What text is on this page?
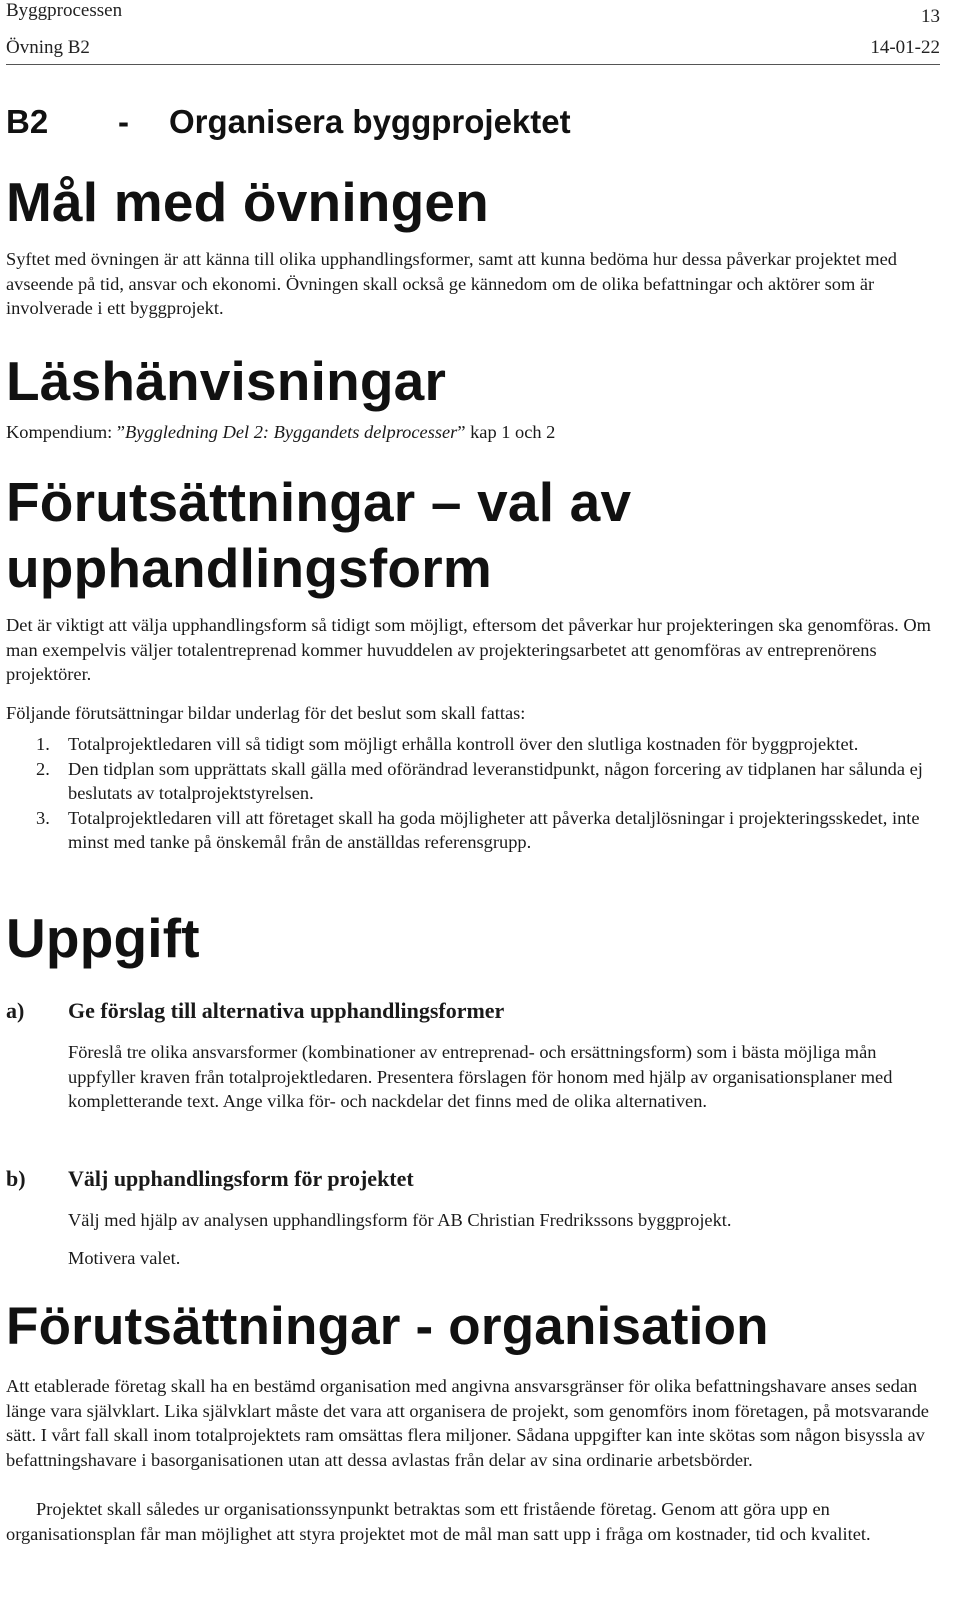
Byggprocessen	13
Övning B2	14-01-22
B2 - Organisera byggprojektet
Mål med övningen
Syftet med övningen är att känna till olika upphandlingsformer, samt att kunna bedöma hur dessa påverkar projektet med avseende på tid, ansvar och ekonomi. Övningen skall också ge kännedom om de olika befattningar och aktörer som är involverade i ett byggprojekt.
Läshänvisningar
Kompendium: ”Byggledning Del 2: Byggandets delprocesser” kap 1 och 2
Förutsättningar – val av
upphandlingsform
Det är viktigt att välja upphandlingsform så tidigt som möjligt, eftersom det påverkar hur projekteringen ska genomföras. Om man exempelvis väljer totalentreprenad kommer huvuddelen av projekteringsarbetet att genomföras av entreprenörens projektörer.
Följande förutsättningar bildar underlag för det beslut som skall fattas:
1. Totalprojektledaren vill så tidigt som möjligt erhålla kontroll över den slutliga kostnaden för byggprojektet.
2. Den tidplan som upprättats skall gälla med oförändrad leveranstidpunkt, någon forcering av tidplanen har sålunda ej beslutats av totalprojektstyrelsen.
3. Totalprojektledaren vill att företaget skall ha goda möjligheter att påverka detaljlösningar i projekteringsskedet, inte minst med tanke på önskemål från de anställdas referensgrupp.
Uppgift
a) Ge förslag till alternativa upphandlingsformer
Föreslå tre olika ansvarsformer (kombinationer av entreprenad- och ersättningsform) som i bästa möjliga mån uppfyller kraven från totalprojektledaren. Presentera förslagen för honom med hjälp av organisationsplaner med kompletterande text. Ange vilka för- och nackdelar det finns med de olika alternativen.
b) Välj upphandlingsform för projektet
Välj med hjälp av analysen upphandlingsform för AB Christian Fredrikssons byggprojekt.
Motivera valet.
Förutsättningar - organisation
Att etablerade företag skall ha en bestämd organisation med angivna ansvarsgränser för olika befattningshavare anses sedan länge vara självklart. Lika självklart måste det vara att organisera de projekt, som genomförs inom företagen, på motsvarande sätt. I vårt fall skall inom totalprojektets ram omsättas flera miljoner. Sådana uppgifter kan inte skötas som någon bisyssla av befattningshavare i basorganisationen utan att dessa avlastas från delar av sina ordinarie arbetsbörder.
Projektet skall således ur organisationssynpunkt betraktas som ett fristående företag. Genom att göra upp en organisationsplan får man möjlighet att styra projektet mot de mål man satt upp i fråga om kostnader, tid och kvalitet.
